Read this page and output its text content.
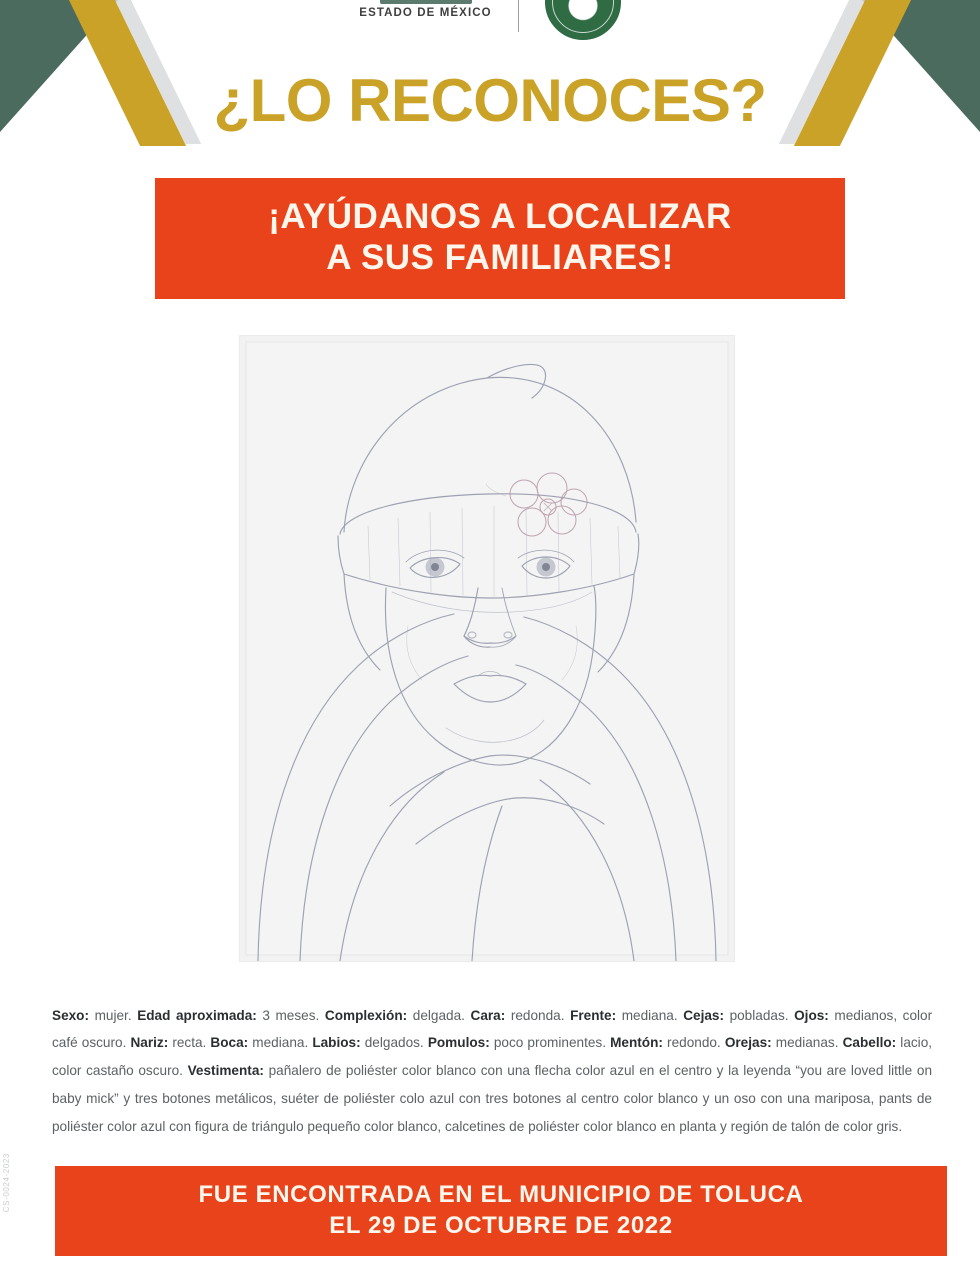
ESTADO DE MÉXICO
¿LO RECONOCES?
¡AYÚDANOS A LOCALIZAR
A SUS FAMILIARES!

Sexo: mujer. Edad aproximada: 3 meses. Complexión: delgada. Cara: redonda. Frente: mediana. Cejas: pobladas. Ojos: medianos, color café oscuro. Nariz: recta. Boca: mediana. Labios: delgados. Pomulos: poco prominentes. Mentón: redondo. Orejas: medianas. Cabello: lacio, color castaño oscuro. Vestimenta: pañalero de poliéster color blanco con una flecha color azul en el centro y la leyenda “you are loved little on baby mick” y tres botones metálicos, suéter de poliéster colo azul con tres botones al centro color blanco y un oso con una mariposa, pants de poliéster color azul con figura de triángulo pequeño color blanco, calcetines de poliéster color blanco en planta y región de talón de color gris.

FUE ENCONTRADA EN EL MUNICIPIO DE TOLUCA
EL 29 DE OCTUBRE DE 2022
CS-0024-2023
